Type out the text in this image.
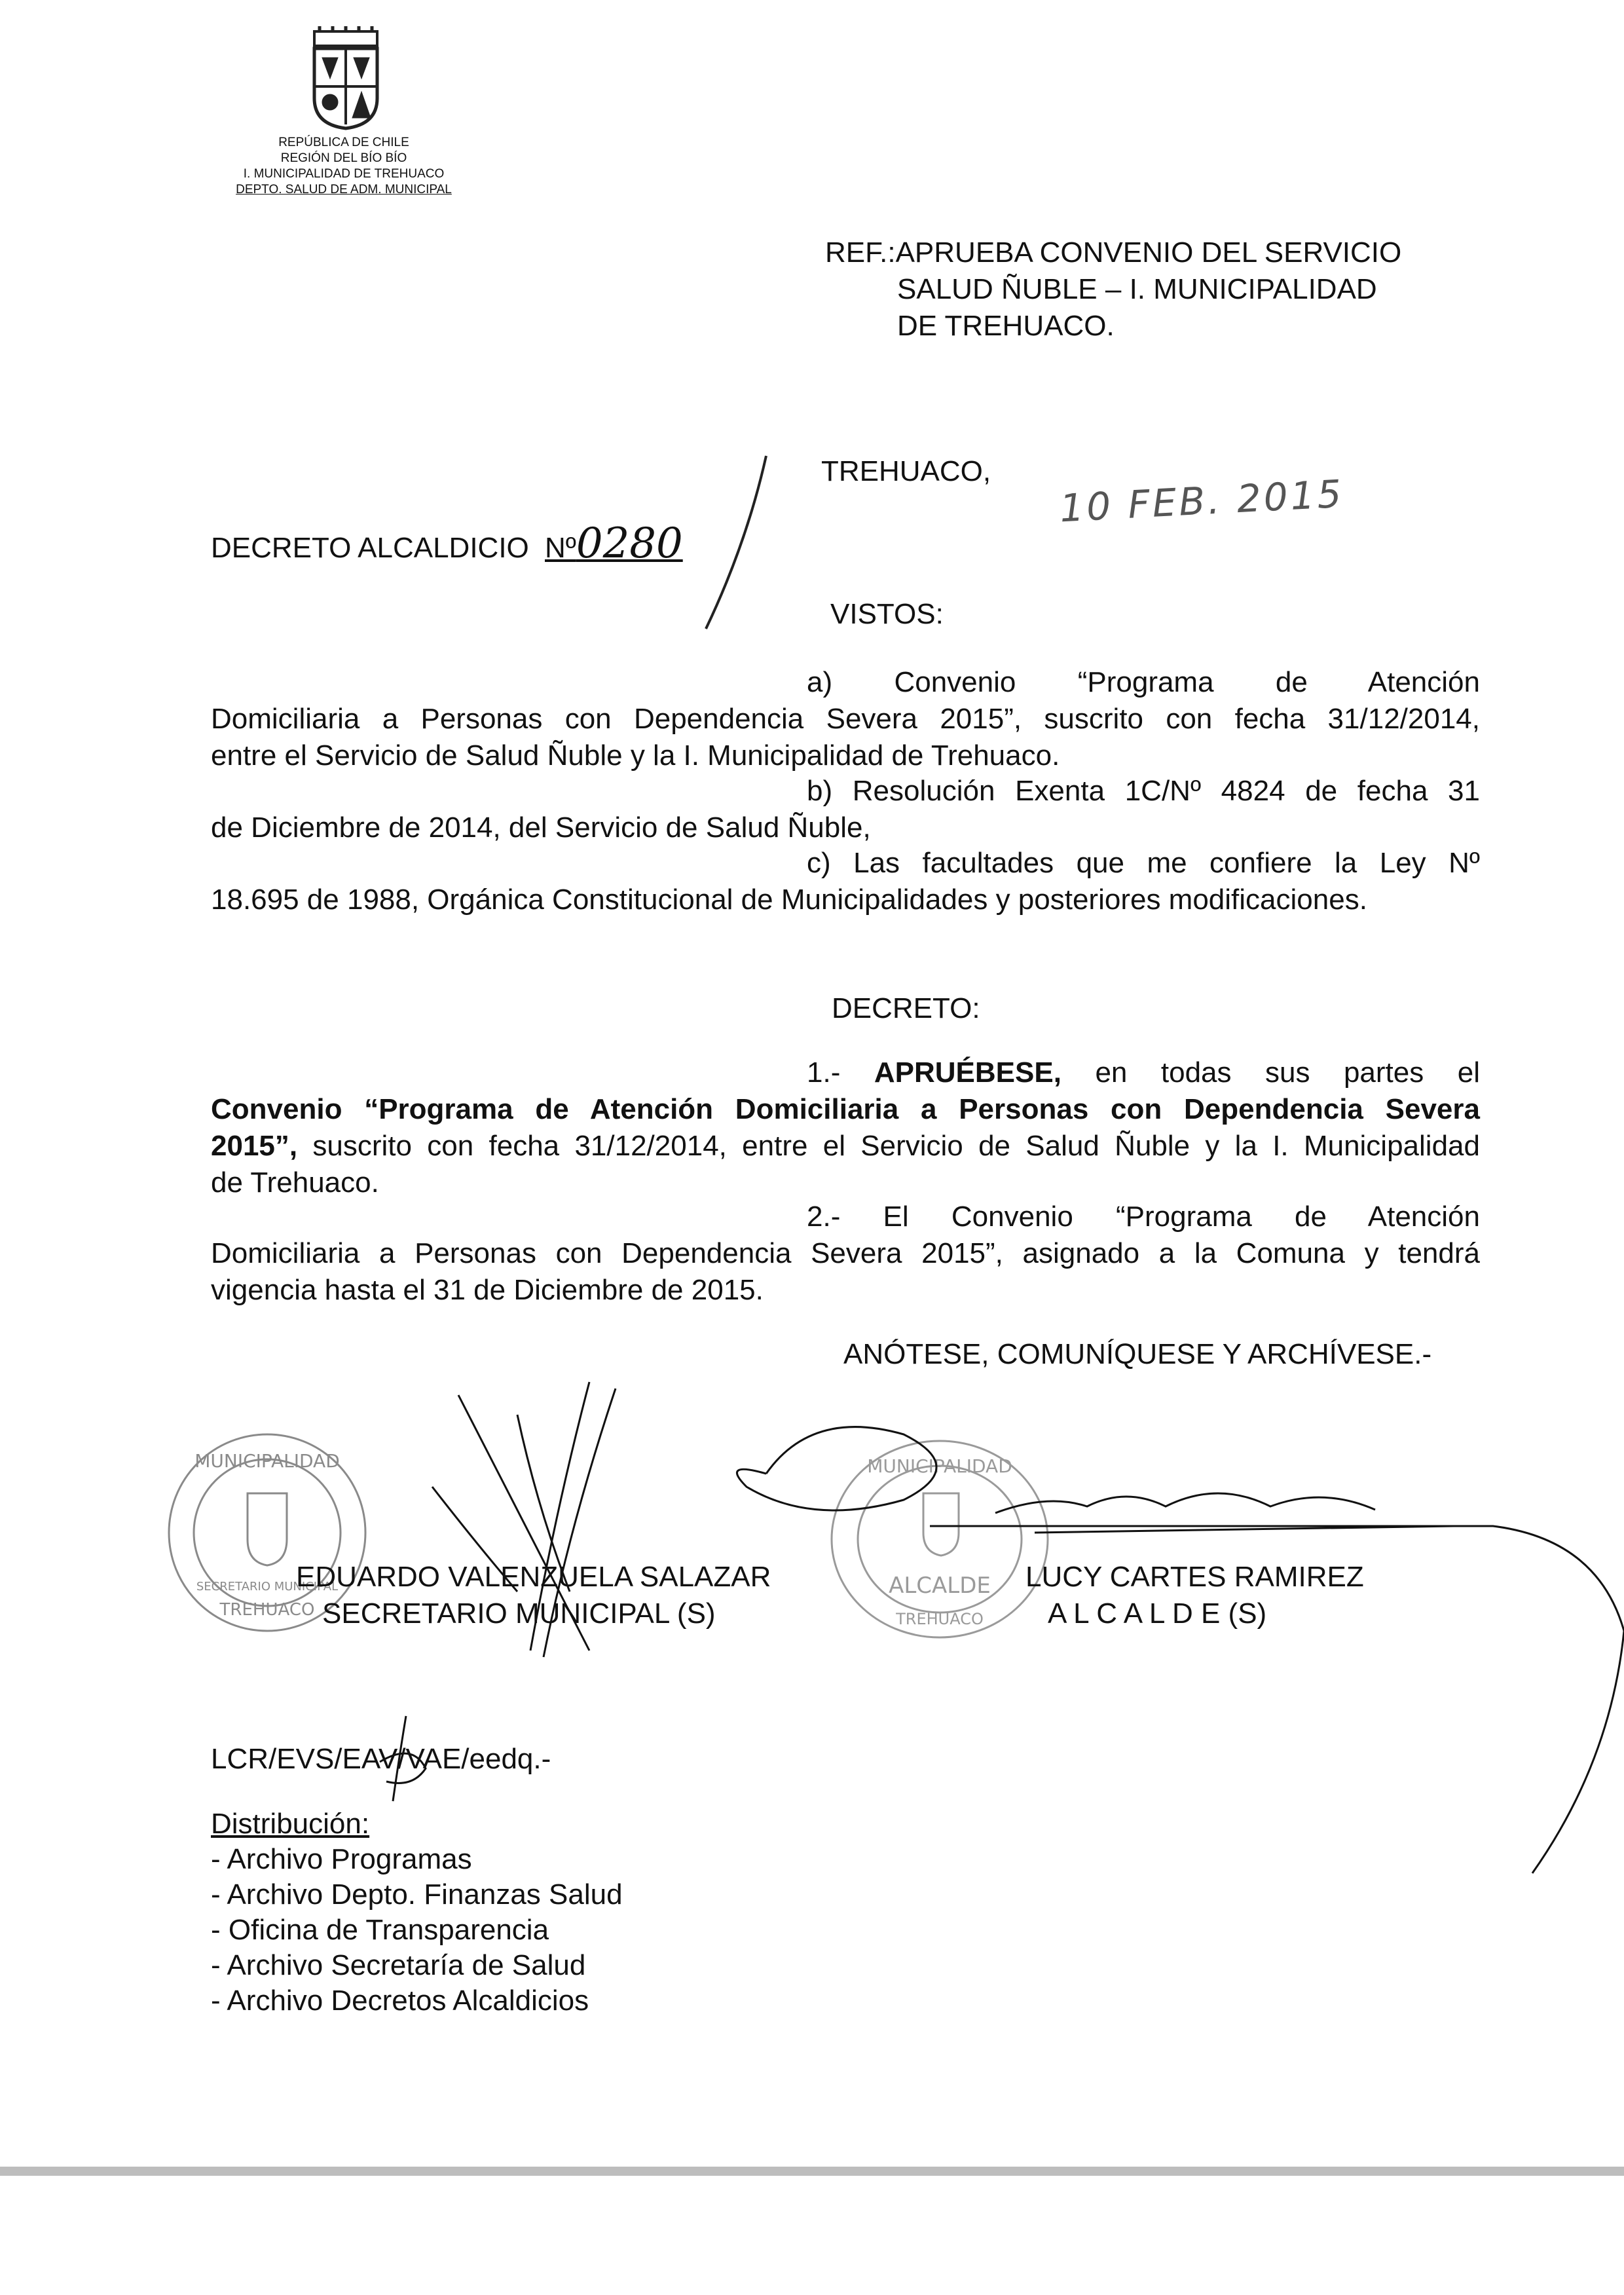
REPÚBLICA DE CHILE
REGIÓN DEL BÍO BÍO
I. MUNICIPALIDAD DE TREHUACO
DEPTO. SALUD DE ADM. MUNICIPAL
REF.:APRUEBA CONVENIO DEL SERVICIO
SALUD ÑUBLE – I. MUNICIPALIDAD
DE TREHUACO.
DECRETO ALCALDICIO Nº0280
TREHUACO,
10 FEB. 2015
VISTOS:
a) Convenio “Programa de Atención
Domiciliaria a Personas con Dependencia Severa 2015”, suscrito con fecha 31/12/2014,
entre el Servicio de Salud Ñuble y la I. Municipalidad de Trehuaco.
b) Resolución Exenta 1C/Nº 4824 de fecha 31
de Diciembre de 2014, del Servicio de Salud Ñuble,
c) Las facultades que me confiere la Ley Nº
18.695 de 1988, Orgánica Constitucional de Municipalidades y posteriores modificaciones.
DECRETO:
1.- APRUÉBESE, en todas sus partes el
Convenio “Programa de Atención Domiciliaria a Personas con Dependencia Severa
2015”, suscrito con fecha 31/12/2014, entre el Servicio de Salud Ñuble y la I. Municipalidad
de Trehuaco.
2.- El Convenio “Programa de Atención
Domiciliaria a Personas con Dependencia Severa 2015”, asignado a la Comuna y tendrá
vigencia hasta el 31 de Diciembre de 2015.
ANÓTESE, COMUNÍQUESE Y ARCHÍVESE.-
MUNICIPALIDAD
SECRETARIO MUNICIPAL
TREHUACO
MUNICIPALIDAD
ALCALDE
TREHUACO
EDUARDO VALENZUELA SALAZAR
SECRETARIO MUNICIPAL (S)
LUCY CARTES RAMIREZ
A L C A L D E (S)
LCR/EVS/EAV/VAE/eedq.-
Distribución:
- Archivo Programas
- Archivo Depto. Finanzas Salud
- Oficina de Transparencia
- Archivo Secretaría de Salud
- Archivo Decretos Alcaldicios
